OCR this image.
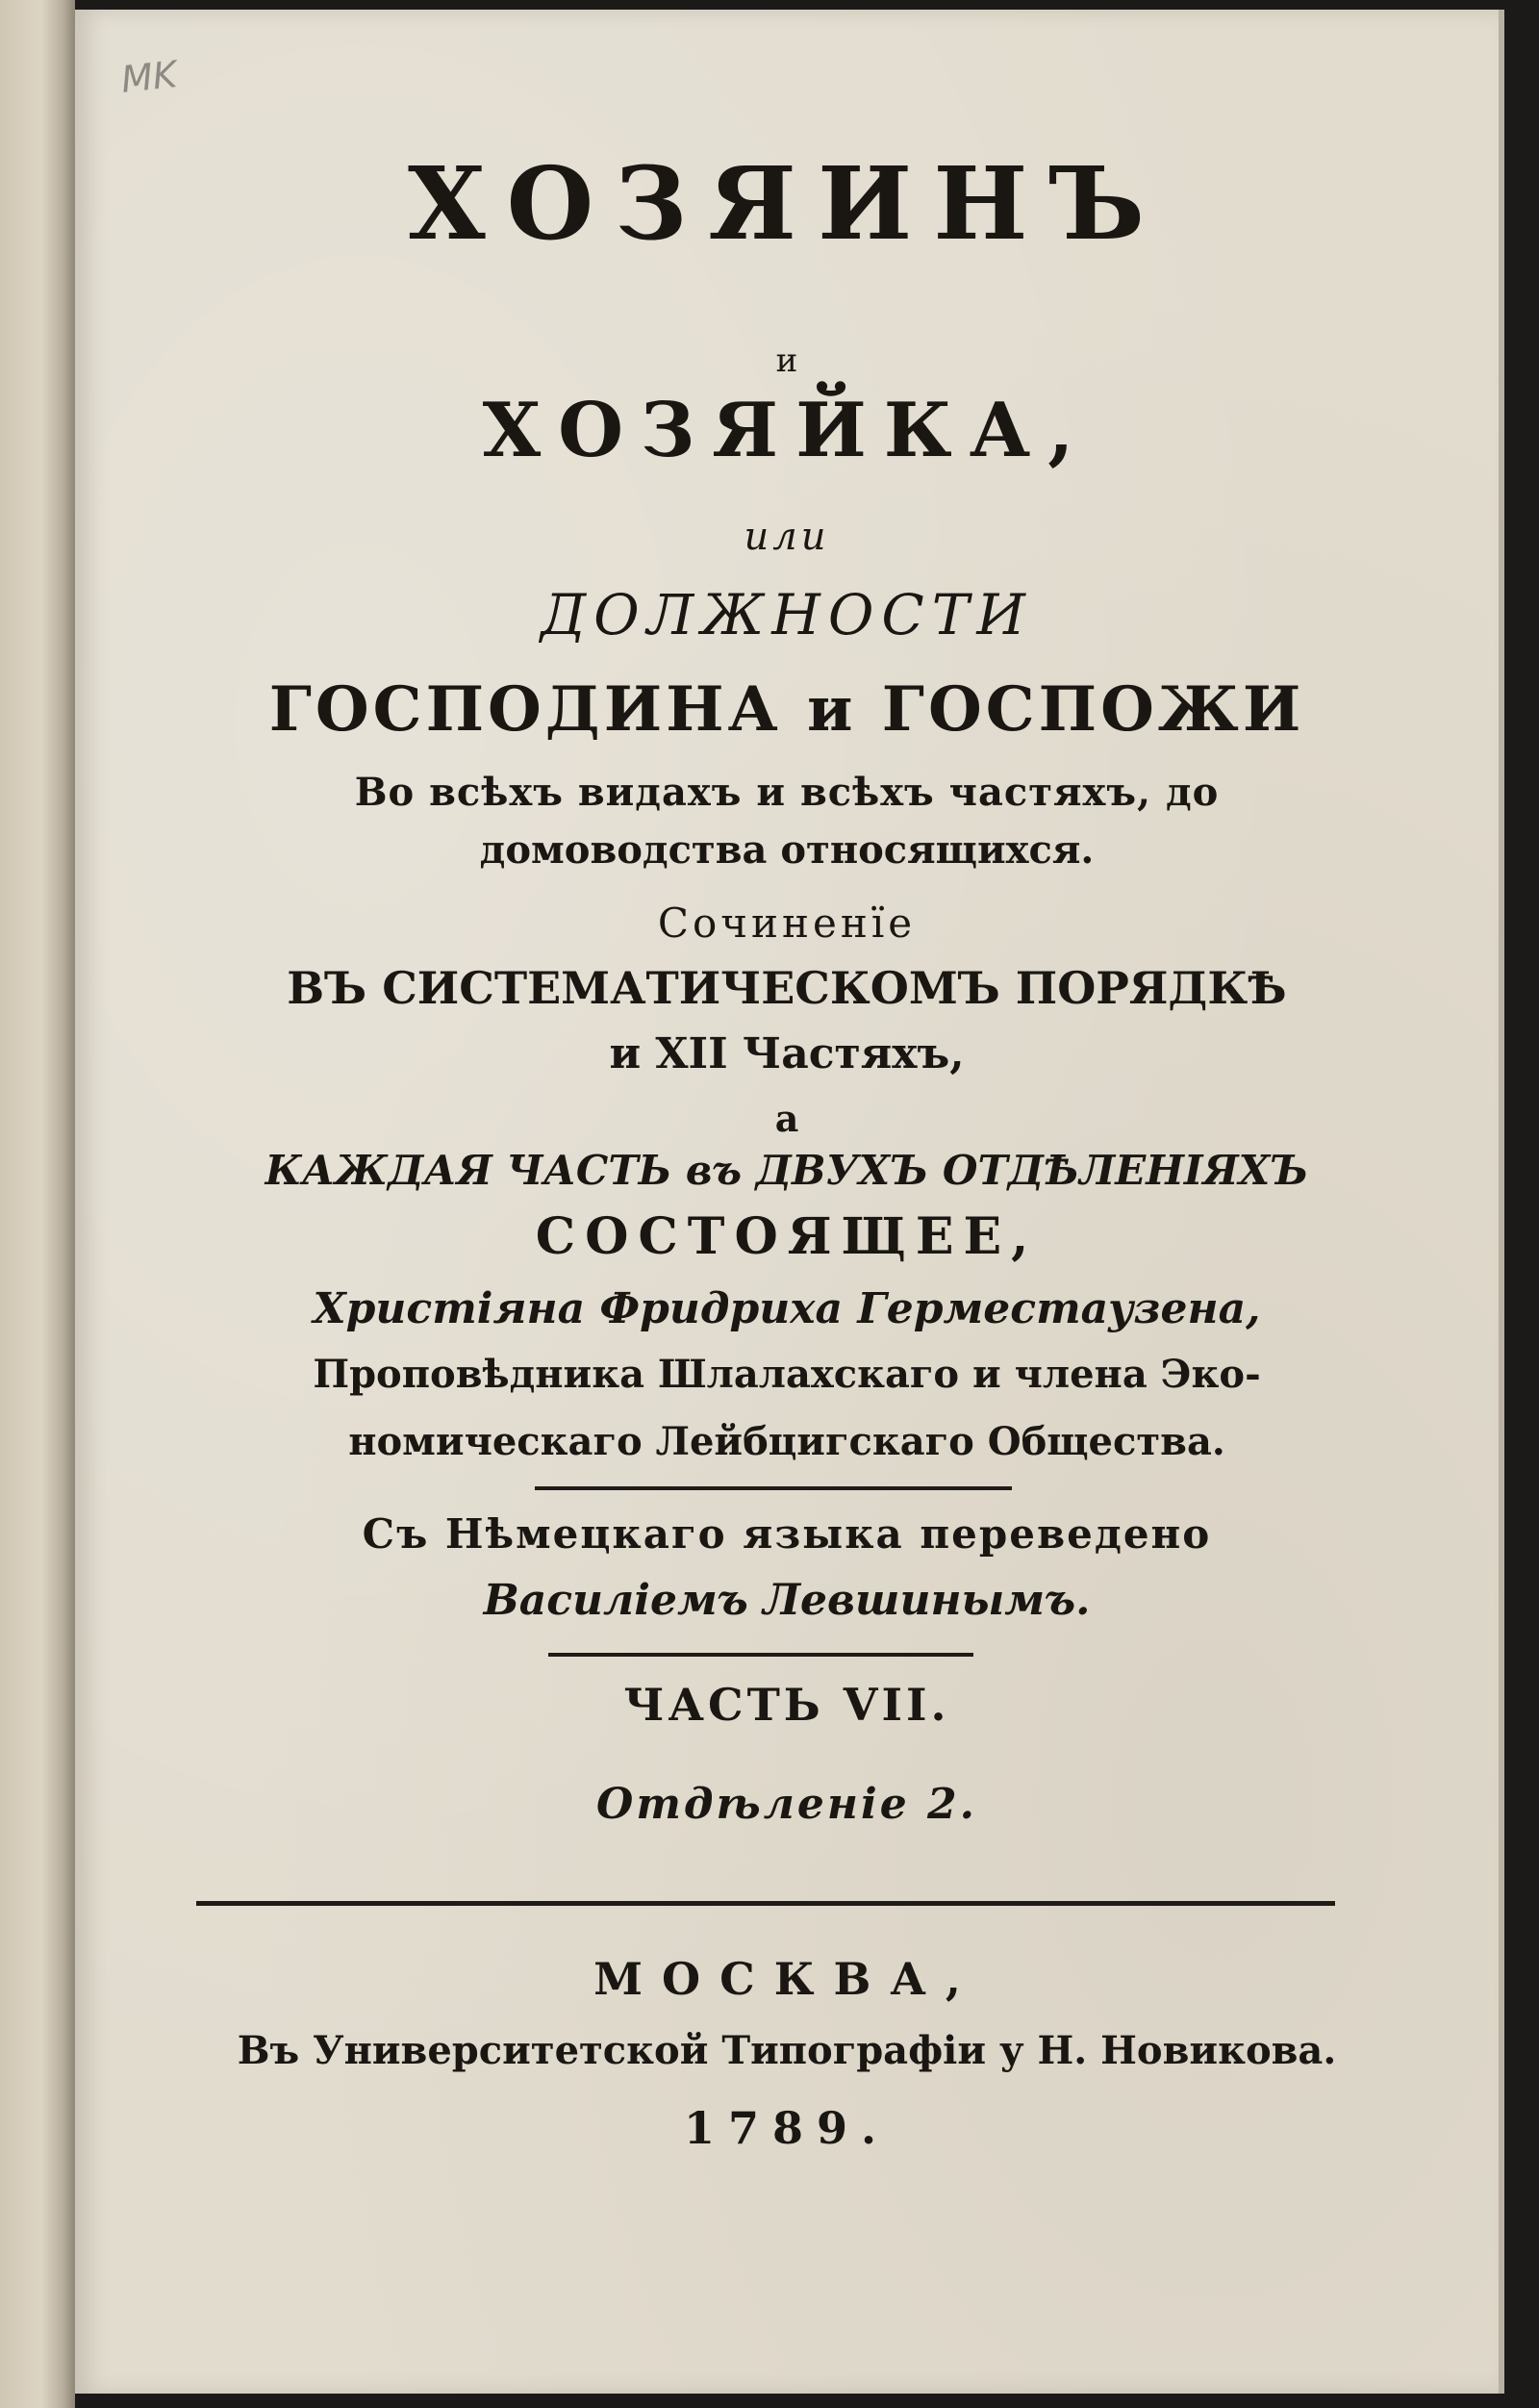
MK
ХОЗЯИНЪ
и
ХОЗЯЙКА,
или
ДОЛЖНОСТИ
ГОСПОДИНА и ГОСПОЖИ
Во всѣхъ видахъ и всѣхъ частяхъ, до
домоводства относящихся.
Сочиненїе
ВЪ СИСТЕМАТИЧЕСКОМЪ ПОРЯДКѢ
и XII Частяхъ,
а
КАЖДАЯ ЧАСТЬ въ ДВУХЪ ОТДѢЛЕНІЯХЪ
СОСТОЯЩЕЕ,
Христіяна Фридриха Герместаузена,
Проповѣдника Шлалахскаго и члена Эко-
номическаго Лейбцигскаго Общества.
Съ Нѣмецкаго языка переведено
Василіемъ Левшинымъ.
ЧАСТЬ VII.
Отдѣленіе 2.
МОСКВА,
Въ Университетской Типографіи у Н. Новикова.
1789.
